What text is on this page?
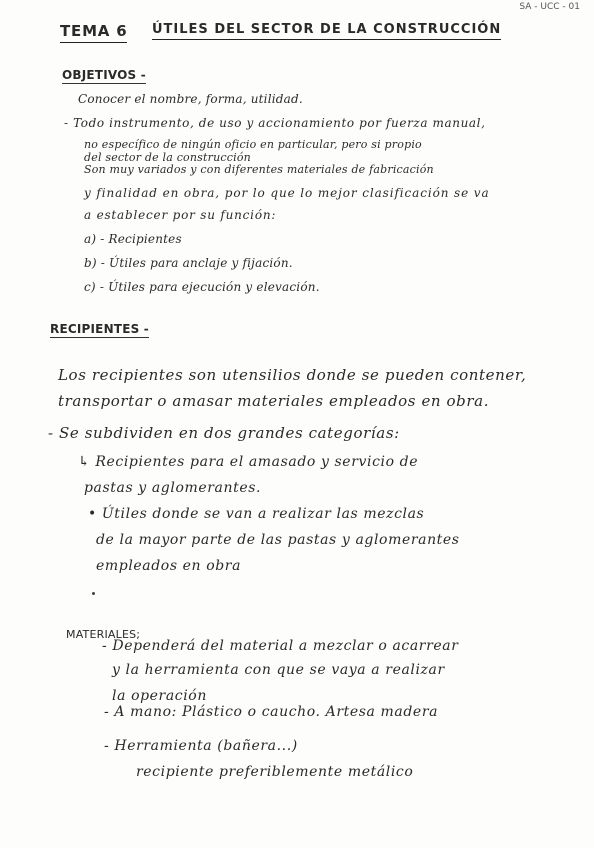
SA - UCC - 01
TEMA 6 ÚTILES DEL SECTOR DE LA CONSTRUCCIÓN
OBJETIVOS -
Conocer el nombre, forma, utilidad.
- Todo instrumento, de uso y accionamiento por fuerza manual,
no específico de ningún oficio en particular, pero si propio
del sector de la construcción
Son muy variados y con diferentes materiales de fabricación
y finalidad en obra, por lo que lo mejor clasificación se va
a establecer por su función:
a) - Recipientes
b) - Útiles para anclaje y fijación.
c) - Útiles para ejecución y elevación.
RECIPIENTES -
Los recipientes son utensilios donde se pueden contener,
transportar o amasar materiales empleados en obra.
- Se subdividen en dos grandes categorías:
↳ Recipientes para el amasado y servicio de
pastas y aglomerantes.
• Útiles donde se van a realizar las mezclas
de la mayor parte de las pastas y aglomerantes
empleados en obra
MATERIALES;
- Dependerá del material a mezclar o acarrear
y la herramienta con que se vaya a realizar
la operación
- A mano: Plástico o caucho. Artesa madera
- Herramienta (bañera...)
recipiente preferiblemente metálico
